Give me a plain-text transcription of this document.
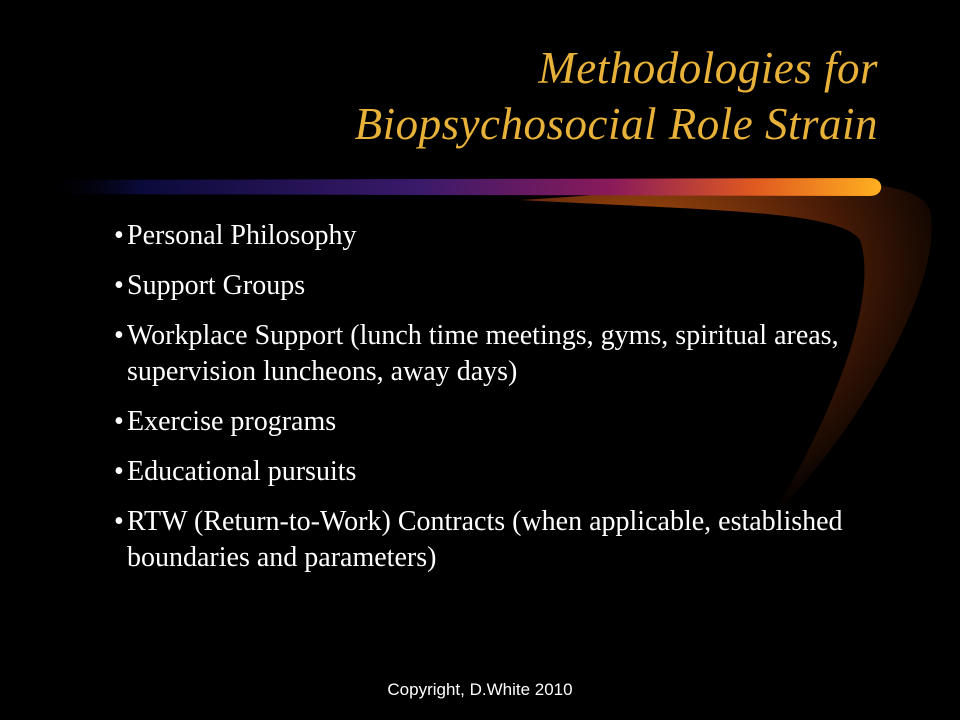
Methodologies for
Biopsychosocial Role Strain
• Personal Philosophy
• Support Groups
• Workplace Support (lunch time meetings, gyms, spiritual areas, supervision luncheons, away days)
• Exercise programs
• Educational pursuits
• RTW (Return-to-Work) Contracts (when applicable, established boundaries and parameters)
Copyright, D.White 2010
